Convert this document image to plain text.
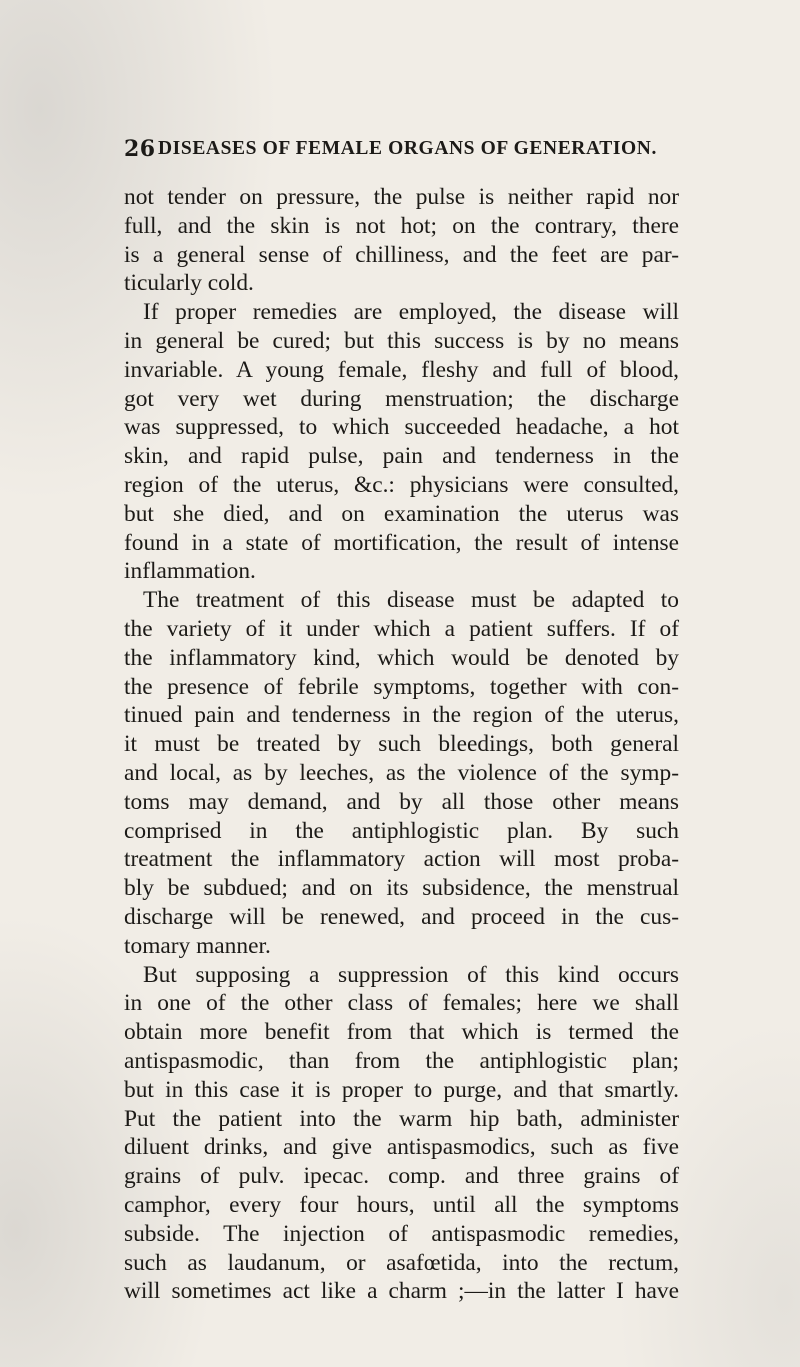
26 DISEASES OF FEMALE ORGANS OF GENERATION.
not tender on pressure, the pulse is neither rapid nor
full, and the skin is not hot; on the contrary, there
is a general sense of chilliness, and the feet are par-
ticularly cold.
If proper remedies are employed, the disease will
in general be cured; but this success is by no means
invariable. A young female, fleshy and full of blood,
got very wet during menstruation; the discharge
was suppressed, to which succeeded headache, a hot
skin, and rapid pulse, pain and tenderness in the
region of the uterus, &c.: physicians were consulted,
but she died, and on examination the uterus was
found in a state of mortification, the result of intense
inflammation.
The treatment of this disease must be adapted to
the variety of it under which a patient suffers. If of
the inflammatory kind, which would be denoted by
the presence of febrile symptoms, together with con-
tinued pain and tenderness in the region of the uterus,
it must be treated by such bleedings, both general
and local, as by leeches, as the violence of the symp-
toms may demand, and by all those other means
comprised in the antiphlogistic plan. By such
treatment the inflammatory action will most proba-
bly be subdued; and on its subsidence, the menstrual
discharge will be renewed, and proceed in the cus-
tomary manner.
But supposing a suppression of this kind occurs
in one of the other class of females; here we shall
obtain more benefit from that which is termed the
antispasmodic, than from the antiphlogistic plan;
but in this case it is proper to purge, and that smartly.
Put the patient into the warm hip bath, administer
diluent drinks, and give antispasmodics, such as five
grains of pulv. ipecac. comp. and three grains of
camphor, every four hours, until all the symptoms
subside. The injection of antispasmodic remedies,
such as laudanum, or asafœtida, into the rectum,
will sometimes act like a charm ;—in the latter I have
